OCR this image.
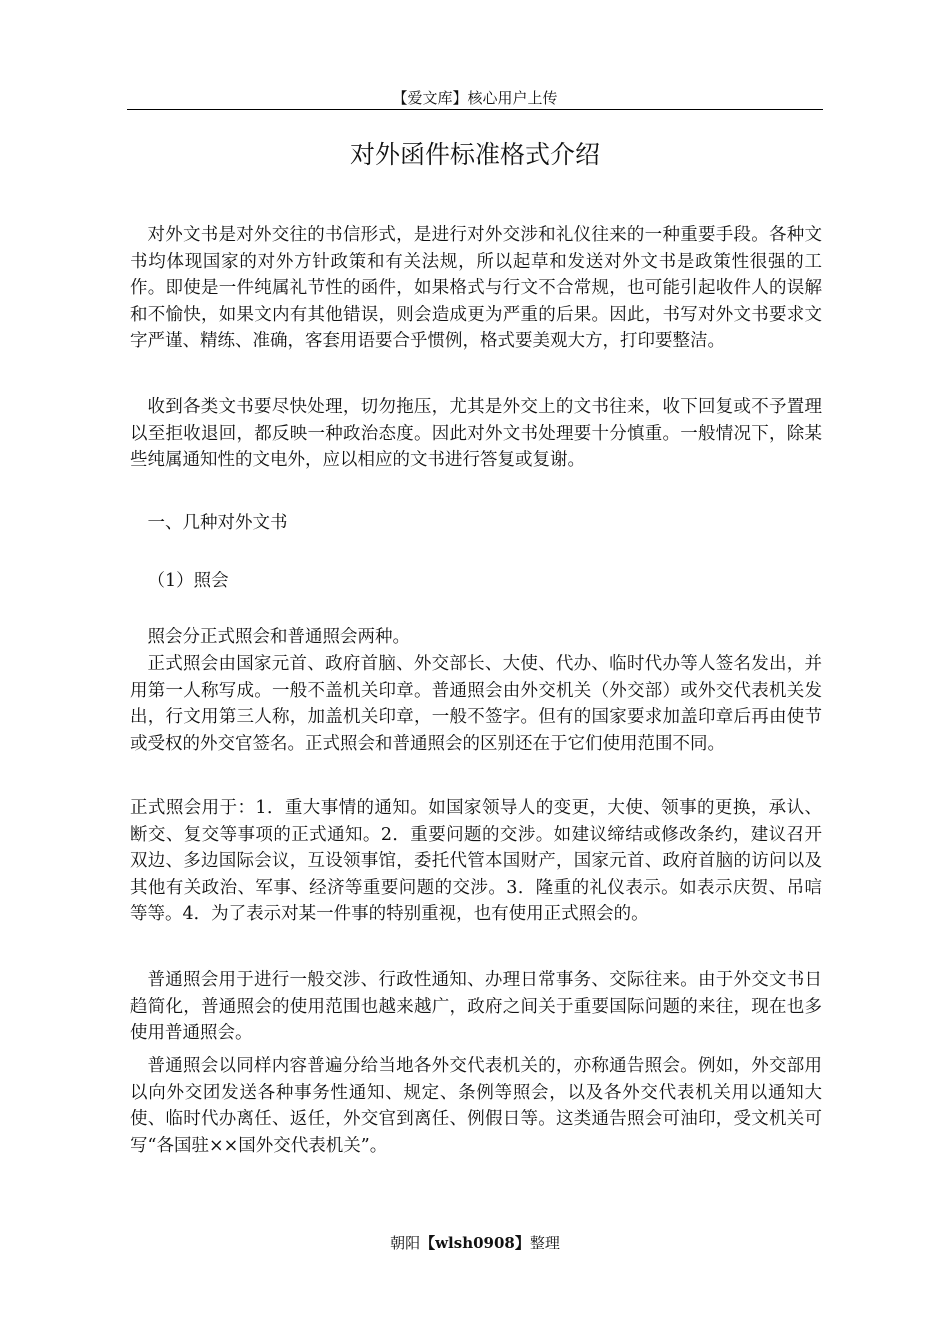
【爱文库】核心用户上传
对外函件标准格式介绍

对外文书是对外交往的书信形式，是进行对外交涉和礼仪往来的一种重要手段。各种文书均体现国家的对外方针政策和有关法规，所以起草和发送对外文书是政策性很强的工作。即使是一件纯属礼节性的函件，如果格式与行文不合常规，也可能引起收件人的误解和不愉快，如果文内有其他错误，则会造成更为严重的后果。因此，书写对外文书要求文字严谨、精练、准确，客套用语要合乎惯例，格式要美观大方，打印要整洁。

收到各类文书要尽快处理，切勿拖压，尤其是外交上的文书往来，收下回复或不予置理以至拒收退回，都反映一种政治态度。因此对外文书处理要十分慎重。一般情况下，除某些纯属通知性的文电外，应以相应的文书进行答复或复谢。

一、几种对外文书

（1）照会

照会分正式照会和普通照会两种。

正式照会由国家元首、政府首脑、外交部长、大使、代办、临时代办等人签名发出，并用第一人称写成。一般不盖机关印章。普通照会由外交机关（外交部）或外交代表机关发出，行文用第三人称，加盖机关印章，一般不签字。但有的国家要求加盖印章后再由使节或受权的外交官签名。正式照会和普通照会的区别还在于它们使用范围不同。

正式照会用于：1．重大事情的通知。如国家领导人的变更，大使、领事的更换，承认、断交、复交等事项的正式通知。2．重要问题的交涉。如建议缔结或修改条约，建议召开双边、多边国际会议，互设领事馆，委托代管本国财产，国家元首、政府首脑的访问以及其他有关政治、军事、经济等重要问题的交涉。3．隆重的礼仪表示。如表示庆贺、吊唁等等。4．为了表示对某一件事的特别重视，也有使用正式照会的。

普通照会用于进行一般交涉、行政性通知、办理日常事务、交际往来。由于外交文书日趋简化，普通照会的使用范围也越来越广，政府之间关于重要国际问题的来往，现在也多使用普通照会。

普通照会以同样内容普遍分给当地各外交代表机关的，亦称通告照会。例如，外交部用以向外交团发送各种事务性通知、规定、条例等照会，以及各外交代表机关用以通知大使、临时代办离任、返任，外交官到离任、例假日等。这类通告照会可油印，受文机关可写“各国驻××国外交代表机关”。

朝阳【wlsh0908】整理
